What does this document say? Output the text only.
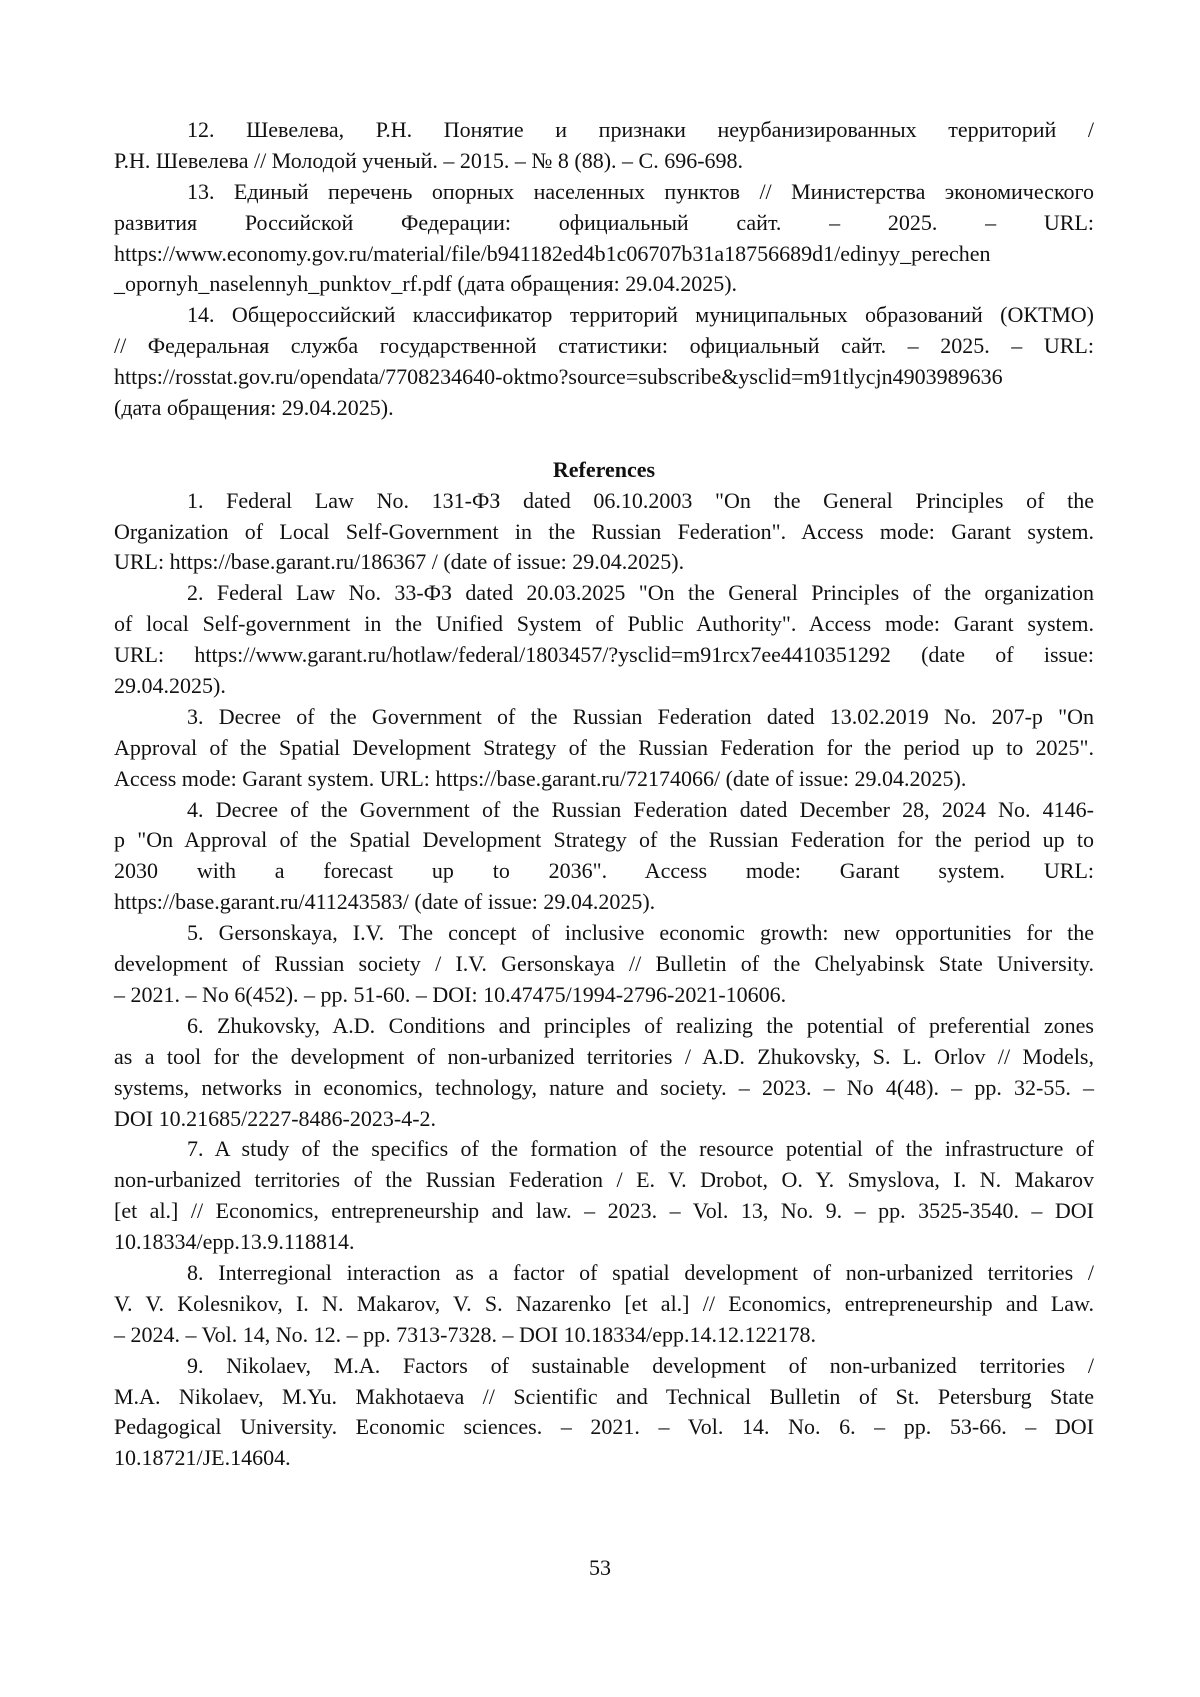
12. Шевелева, Р.Н. Понятие и признаки неурбанизированных территорий /
Р.Н. Шевелева // Молодой ученый. – 2015. – № 8 (88). – С. 696-698.
13. Единый перечень опорных населенных пунктов // Министерства экономического
развития Российской Федерации: официальный сайт. – 2025. – URL:
https://www.economy.gov.ru/material/file/b941182ed4b1c06707b31a18756689d1/edinyy_perechen
_opornyh_naselennyh_punktov_rf.pdf (дата обращения: 29.04.2025).
14. Общероссийский классификатор территорий муниципальных образований (ОКТМО)
// Федеральная служба государственной статистики: официальный сайт. – 2025. – URL:
https://rosstat.gov.ru/opendata/7708234640-oktmo?source=subscribe&ysclid=m91tlycjn4903989636
(дата обращения: 29.04.2025).
References
1. Federal Law No. 131-ФЗ dated 06.10.2003 "On the General Principles of the
Organization of Local Self-Government in the Russian Federation". Access mode: Garant system.
URL: https://base.garant.ru/186367 / (date of issue: 29.04.2025).
2. Federal Law No. 33-ФЗ dated 20.03.2025 "On the General Principles of the organization
of local Self-government in the Unified System of Public Authority". Access mode: Garant system.
URL: https://www.garant.ru/hotlaw/federal/1803457/?ysclid=m91rcx7ee4410351292 (date of issue:
29.04.2025).
3. Decree of the Government of the Russian Federation dated 13.02.2019 No. 207-р "On
Approval of the Spatial Development Strategy of the Russian Federation for the period up to 2025".
Access mode: Garant system. URL: https://base.garant.ru/72174066/ (date of issue: 29.04.2025).
4. Decree of the Government of the Russian Federation dated December 28, 2024 No. 4146-
р "On Approval of the Spatial Development Strategy of the Russian Federation for the period up to
2030 with a forecast up to 2036". Access mode: Garant system. URL:
https://base.garant.ru/411243583/ (date of issue: 29.04.2025).
5. Gersonskaya, I.V. The concept of inclusive economic growth: new opportunities for the
development of Russian society / I.V. Gersonskaya // Bulletin of the Chelyabinsk State University.
– 2021. – No 6(452). – pp. 51-60. – DOI: 10.47475/1994-2796-2021-10606.
6. Zhukovsky, A.D. Conditions and principles of realizing the potential of preferential zones
as a tool for the development of non-urbanized territories / A.D. Zhukovsky, S. L. Orlov // Models,
systems, networks in economics, technology, nature and society. – 2023. – No 4(48). – pp. 32-55. –
DOI 10.21685/2227-8486-2023-4-2.
7. A study of the specifics of the formation of the resource potential of the infrastructure of
non-urbanized territories of the Russian Federation / E. V. Drobot, O. Y. Smyslova, I. N. Makarov
[et al.] // Economics, entrepreneurship and law. – 2023. – Vol. 13, No. 9. – pp. 3525-3540. – DOI
10.18334/epp.13.9.118814.
8. Interregional interaction as a factor of spatial development of non-urbanized territories /
V. V. Kolesnikov, I. N. Makarov, V. S. Nazarenko [et al.] // Economics, entrepreneurship and Law.
– 2024. – Vol. 14, No. 12. – pp. 7313-7328. – DOI 10.18334/epp.14.12.122178.
9. Nikolaev, M.A. Factors of sustainable development of non-urbanized territories /
M.A. Nikolaev, M.Yu. Makhotaeva // Scientific and Technical Bulletin of St. Petersburg State
Pedagogical University. Economic sciences. – 2021. – Vol. 14. No. 6. – pp. 53-66. – DOI
10.18721/JE.14604.
53
